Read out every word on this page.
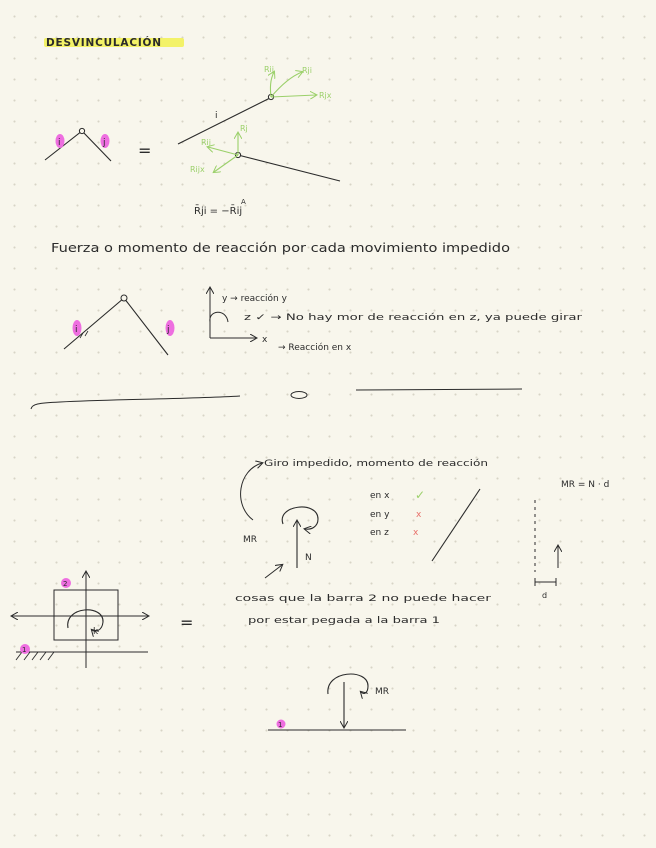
DESVINCULACIÓN
i	j =
i
Rij	Rji
Rjx
Rj
Rij
Rijx
R̄ji = −R̄ij
A
Fuerza o momento de reacción por cada movimiento impedido
i	j
y → reacción y
z ✓ → No hay mor de reacción en z, ya puede girar
x
→ Reacción en x
Giro impedido, momento de reacción
MR
N
en x ✓
en y	x
en z	x
MR = N · d
d
k
2
1
=
cosas que la barra 2 no puede hacer
por estar pegada a la barra 1
MR
1
